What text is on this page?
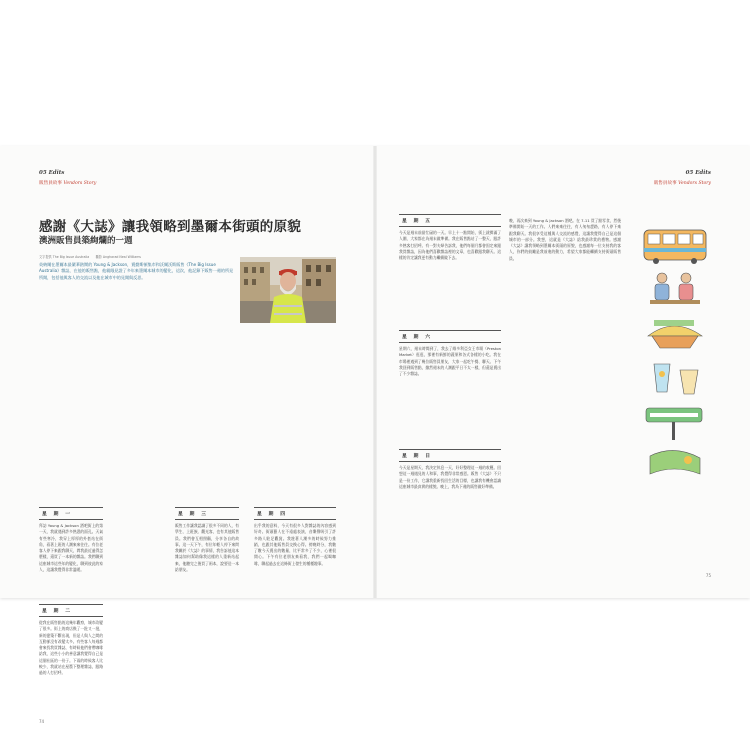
05 Edits
販售員故事 Vendors Story
感謝《大誌》讓我領略到墨爾本街頭的原貌
澳洲販售員築絢爛的一週
文字提供 The Big Issue Australia　　攝影 Angharad Neal Williams
英納爾在墨爾本最繁華熱鬧的 Young & Jackson，賣勤斯頓集市和沃爾沃斯販售《The Big Issue Australia》雜誌，在他的販售點，他親眼見證了多年來墨爾本城市的變化，這次，他記錄下販售一週的所見所聞，包括他與客人的交流以及他在城市中的見聞與反思。
星　期　一
拜訪 Young & Jackson 酒吧街上的第一天，我就遇到許多熟悉的面孔。天氣有些寒冷，我穿上厚厚的外套站在街角，看著上班的人潮來來往往。有位老客人停下來跟我聊天，問我最近過得怎麼樣，還買了一本新的雜誌。我們聊到這座城市這些年的變化，聊到彼此的家人，這讓我覺得非常溫暖。
星　期　二
從我在販售點的這幾年觀察，城市改變了很多。街上的商店換了一批又一批，新的建築不斷出現，但是人與人之間的互動卻沒有改變太多。有些客人每週都會來找我買雜誌，有時候他們會帶咖啡給我，這些小小的善意讓我覺得自己是這個社區的一份子。下雨的時候客人比較少，我就站在屋簷下整理雜誌，跟路過的人打招呼。
星　期　三
販售工作讓我認識了很多不同的人，有學生、上班族、觀光客，也有其他販售員。我們會互相照顧，分享各自的故事。這一天下午，有位年輕人停下來問我關於《大誌》的事情，我告訴他這本雜誌如何幫助像我這樣的人重新站起來，他聽完之後買了兩本，說要送一本給朋友。
星　期　四
出乎我的意料，今天有很多人對雜誌的內容感到好奇。街頭藝人在不遠處表演，音樂聲吸引了許多路人駐足觀賞。我趁著人潮多的時候努力推銷，也跟其他販售員交換心得。傍晚時分，我數了數今天賣出的數量，比平常多了不少，心裡很開心。下午有位老朋友來看我，我們一起喝咖啡，聊起過去在這條街上發生的種種趣事。
74
05 Edits
販售員故事 Vendors Story
星　期　五
今天是週末前最忙碌的一天。早上十一點開始，街上就擠滿了人潮，大家都在為週末做準備。我在販售點站了一整天，跟許多熟客打招呼。有一對夫婦告訴我，他們每個月都會固定來跟我買雜誌，因為他們喜歡雜誌裡的文章，也喜歡跟我聊天。這樣的肯定讓我更有動力繼續做下去。
星　期　六
星期六，週末時間到了，我去了維多利亞女王市場（Preston Market）逛逛，那裡有新鮮的蔬果和各式各樣的小吃。我在市場裡遇到了幾位販售員朋友，大家一起吃午餐、聊天。下午我回到販售點，雖然週末的人潮跟平日不太一樣，但還是賣出了不少雜誌。
星　期　日
今天是星期天，我決定休息一天，好好整理這一週的收穫。回想這一週遇見的人和事，我覺得非常感恩。販售《大誌》不只是一份工作，它讓我重新找回生活的目標，也讓我有機會認識這座城市最真實的樣貌。晚上，我為下週的販售做好準備。
晚，再次來到 Young & Jackson 酒吧。在 7-11 買了點零食，然後準備開始一天的工作。人們來來往往，有人匆匆趕路，有人停下來跟我聊天。我很享受這種與人交流的感覺，這讓我覺得自己是這個城市的一部分。我想，這就是《大誌》給我最珍貴的禮物。感謝《大誌》讓我領略到墨爾本街頭的原貌，也感謝每一位支持我的客人，你們的鼓勵是我前進的動力，希望大家都能繼續支持街頭販售員。
75
